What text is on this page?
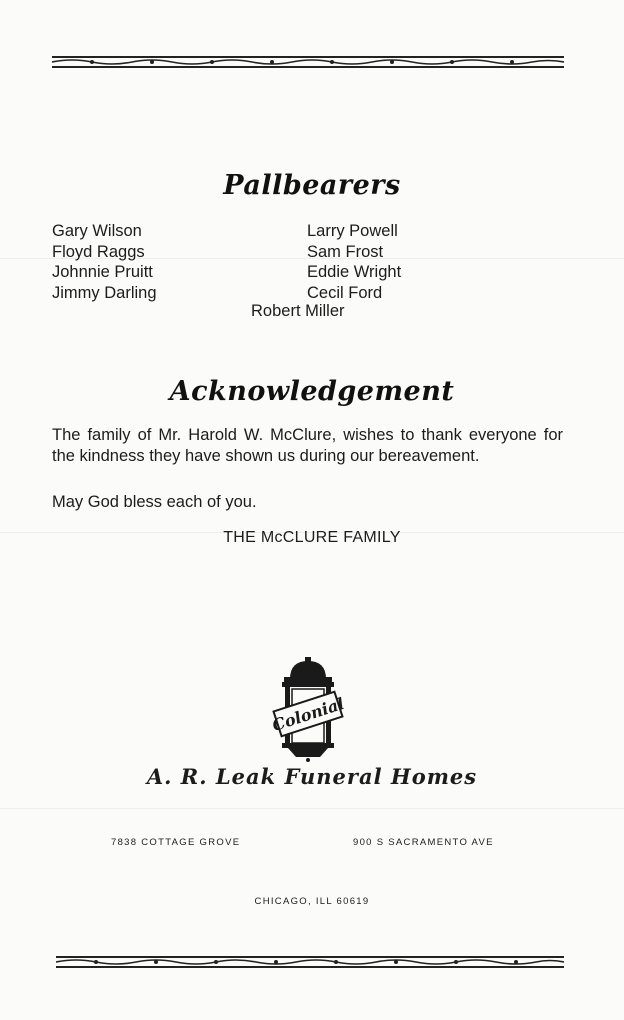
Pallbearers
Gary Wilson
Floyd Raggs
Johnnie Pruitt
Jimmy Darling
Larry Powell
Sam Frost
Eddie Wright
Cecil Ford
Robert Miller
Acknowledgement
The family of Mr. Harold W. McClure, wishes to thank everyone for the kindness they have shown us during our bereavement.
May God bless each of you.
THE McCLURE FAMILY
Colonial
A. R. Leak Funeral Homes
7838 COTTAGE GROVE	900 S SACRAMENTO AVE
CHICAGO, ILL 60619
